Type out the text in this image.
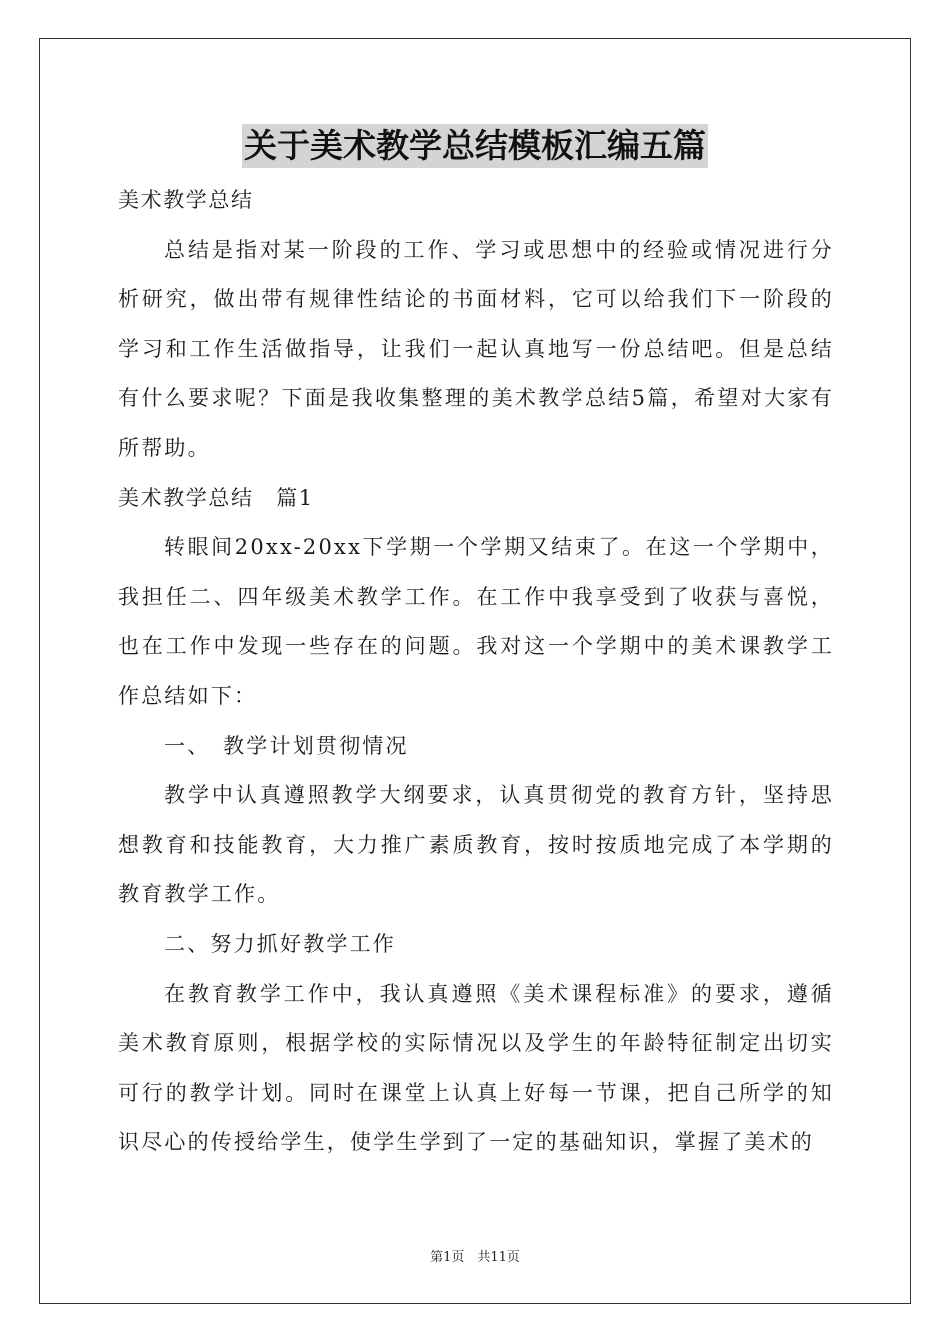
关于美术教学总结模板汇编五篇

美术教学总结

总结是指对某一阶段的工作、学习或思想中的经验或情况进行分析研究，做出带有规律性结论的书面材料，它可以给我们下一阶段的学习和工作生活做指导，让我们一起认真地写一份总结吧。但是总结有什么要求呢？下面是我收集整理的美术教学总结5篇，希望对大家有所帮助。

美术教学总结　篇1

转眼间20xx-20xx下学期一个学期又结束了。在这一个学期中，我担任二、四年级美术教学工作。在工作中我享受到了收获与喜悦，也在工作中发现一些存在的问题。我对这一个学期中的美术课教学工作总结如下：

一、　教学计划贯彻情况

教学中认真遵照教学大纲要求，认真贯彻党的教育方针，坚持思想教育和技能教育，大力推广素质教育，按时按质地完成了本学期的教育教学工作。

二、努力抓好教学工作

在教育教学工作中，我认真遵照《美术课程标准》的要求，遵循美术教育原则，根据学校的实际情况以及学生的年龄特征制定出切实可行的教学计划。同时在课堂上认真上好每一节课，把自己所学的知识尽心的传授给学生，使学生学到了一定的基础知识，掌握了美术的

第1页　共11页
